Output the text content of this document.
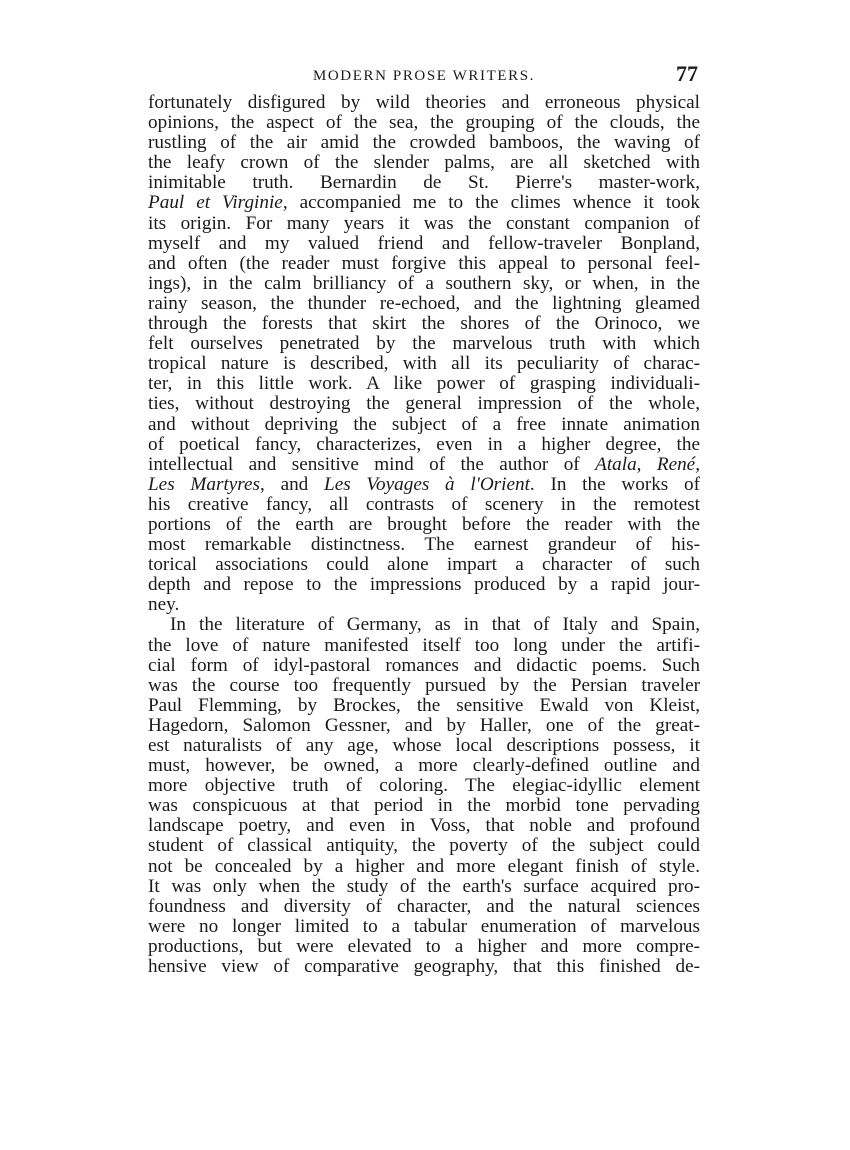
MODERN PROSE WRITERS.	77
fortunately disfigured by wild theories and erroneous physical
opinions, the aspect of the sea, the grouping of the clouds, the
rustling of the air amid the crowded bamboos, the waving of
the leafy crown of the slender palms, are all sketched with
inimitable truth. Bernardin de St. Pierre's master-work,
Paul et Virginie, accompanied me to the climes whence it took
its origin. For many years it was the constant companion of
myself and my valued friend and fellow-traveler Bonpland,
and often (the reader must forgive this appeal to personal feel-
ings), in the calm brilliancy of a southern sky, or when, in the
rainy season, the thunder re-echoed, and the lightning gleamed
through the forests that skirt the shores of the Orinoco, we
felt ourselves penetrated by the marvelous truth with which
tropical nature is described, with all its peculiarity of charac-
ter, in this little work. A like power of grasping individuali-
ties, without destroying the general impression of the whole,
and without depriving the subject of a free innate animation
of poetical fancy, characterizes, even in a higher degree, the
intellectual and sensitive mind of the author of Atala, René,
Les Martyres, and Les Voyages à l'Orient. In the works of
his creative fancy, all contrasts of scenery in the remotest
portions of the earth are brought before the reader with the
most remarkable distinctness. The earnest grandeur of his-
torical associations could alone impart a character of such
depth and repose to the impressions produced by a rapid jour-
ney.
In the literature of Germany, as in that of Italy and Spain,
the love of nature manifested itself too long under the artifi-
cial form of idyl-pastoral romances and didactic poems. Such
was the course too frequently pursued by the Persian traveler
Paul Flemming, by Brockes, the sensitive Ewald von Kleist,
Hagedorn, Salomon Gessner, and by Haller, one of the great-
est naturalists of any age, whose local descriptions possess, it
must, however, be owned, a more clearly-defined outline and
more objective truth of coloring. The elegiac-idyllic element
was conspicuous at that period in the morbid tone pervading
landscape poetry, and even in Voss, that noble and profound
student of classical antiquity, the poverty of the subject could
not be concealed by a higher and more elegant finish of style.
It was only when the study of the earth's surface acquired pro-
foundness and diversity of character, and the natural sciences
were no longer limited to a tabular enumeration of marvelous
productions, but were elevated to a higher and more compre-
hensive view of comparative geography, that this finished de-
